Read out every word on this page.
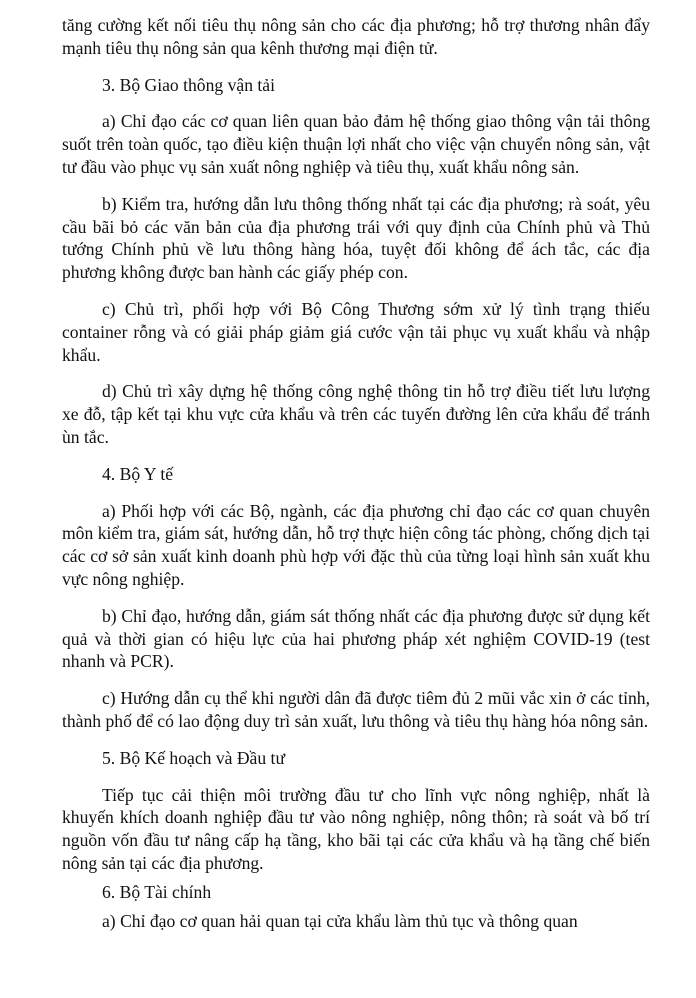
tăng cường kết nối tiêu thụ nông sản cho các địa phương; hỗ trợ thương nhân đẩy mạnh tiêu thụ nông sản qua kênh thương mại điện tử.

3. Bộ Giao thông vận tải

a) Chỉ đạo các cơ quan liên quan bảo đảm hệ thống giao thông vận tải thông suốt trên toàn quốc, tạo điều kiện thuận lợi nhất cho việc vận chuyển nông sản, vật tư đầu vào phục vụ sản xuất nông nghiệp và tiêu thụ, xuất khẩu nông sản.

b) Kiểm tra, hướng dẫn lưu thông thống nhất tại các địa phương; rà soát, yêu cầu bãi bỏ các văn bản của địa phương trái với quy định của Chính phủ và Thủ tướng Chính phủ về lưu thông hàng hóa, tuyệt đối không để ách tắc, các địa phương không được ban hành các giấy phép con.

c) Chủ trì, phối hợp với Bộ Công Thương sớm xử lý tình trạng thiếu container rỗng và có giải pháp giảm giá cước vận tải phục vụ xuất khẩu và nhập khẩu.

d) Chủ trì xây dựng hệ thống công nghệ thông tin hỗ trợ điều tiết lưu lượng xe đỗ, tập kết tại khu vực cửa khẩu và trên các tuyến đường lên cửa khẩu để tránh ùn tắc.

4. Bộ Y tế

a) Phối hợp với các Bộ, ngành, các địa phương chỉ đạo các cơ quan chuyên môn kiểm tra, giám sát, hướng dẫn, hỗ trợ thực hiện công tác phòng, chống dịch tại các cơ sở sản xuất kinh doanh phù hợp với đặc thù của từng loại hình sản xuất khu vực nông nghiệp.

b) Chỉ đạo, hướng dẫn, giám sát thống nhất các địa phương được sử dụng kết quả và thời gian có hiệu lực của hai phương pháp xét nghiệm COVID-19 (test nhanh và PCR).

c) Hướng dẫn cụ thể khi người dân đã được tiêm đủ 2 mũi vắc xin ở các tỉnh, thành phố để có lao động duy trì sản xuất, lưu thông và tiêu thụ hàng hóa nông sản.

5. Bộ Kế hoạch và Đầu tư

Tiếp tục cải thiện môi trường đầu tư cho lĩnh vực nông nghiệp, nhất là khuyến khích doanh nghiệp đầu tư vào nông nghiệp, nông thôn; rà soát và bố trí nguồn vốn đầu tư nâng cấp hạ tầng, kho bãi tại các cửa khẩu và hạ tầng chế biến nông sản tại các địa phương.

6. Bộ Tài chính

a) Chỉ đạo cơ quan hải quan tại cửa khẩu làm thủ tục và thông quan
